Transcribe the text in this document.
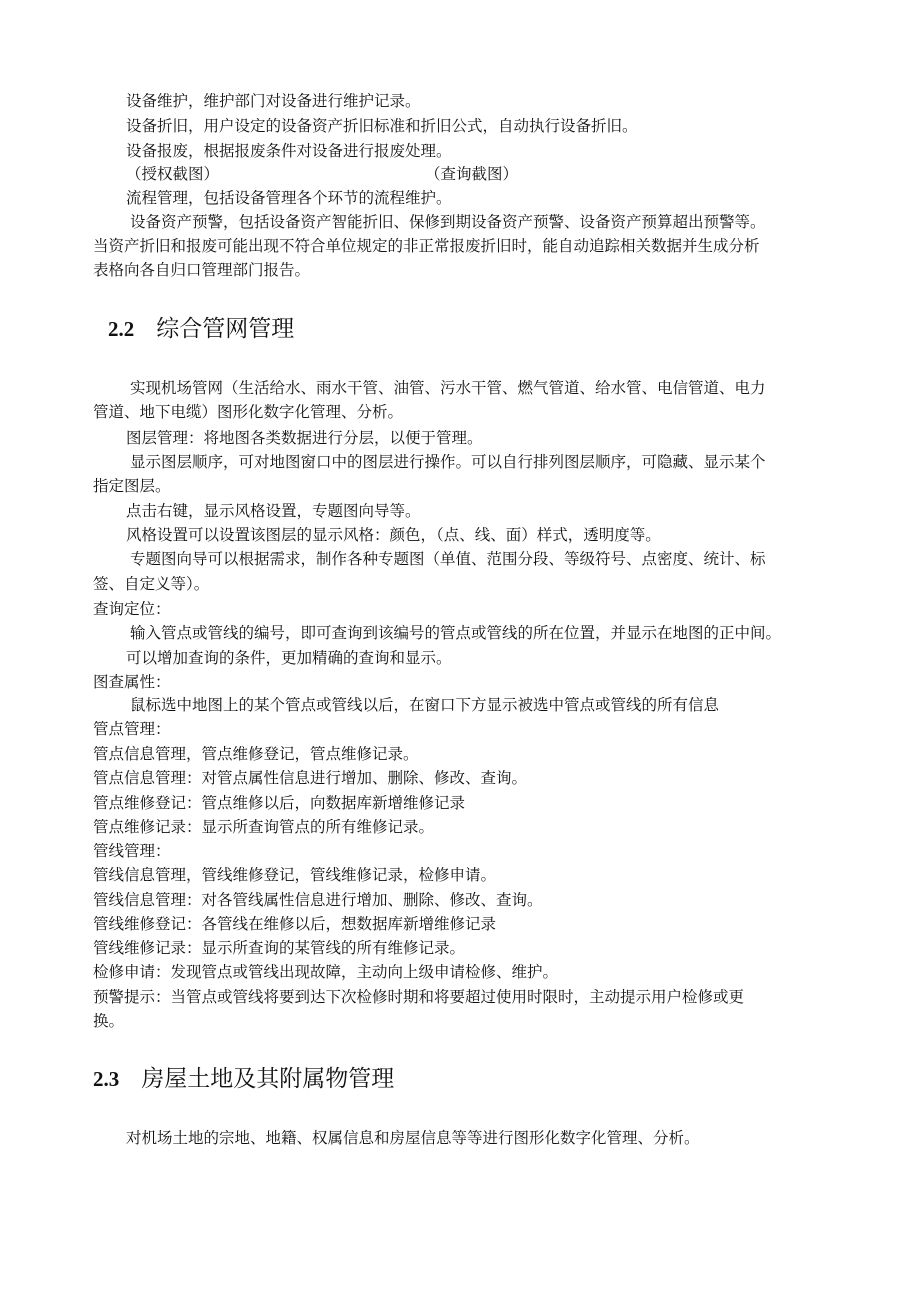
设备维护，维护部门对设备进行维护记录。

设备折旧，用户设定的设备资产折旧标准和折旧公式，自动执行设备折旧。

设备报废，根据报废条件对设备进行报废处理。

（授权截图）	（查询截图）

流程管理，包括设备管理各个环节的流程维护。

设备资产预警，包括设备资产智能折旧、保修到期设备资产预警、设备资产预算超出预警等。

当资产折旧和报废可能出现不符合单位规定的非正常报废折旧时，能自动追踪相关数据并生成分析

表格向各自归口管理部门报告。

2.2 综合管网管理

实现机场管网（生活给水、雨水干管、油管、污水干管、燃气管道、给水管、电信管道、电力

管道、地下电缆）图形化数字化管理、分析。

图层管理：将地图各类数据进行分层，以便于管理。

显示图层顺序，可对地图窗口中的图层进行操作。可以自行排列图层顺序，可隐藏、显示某个

指定图层。

点击右键，显示风格设置，专题图向导等。

风格设置可以设置该图层的显示风格：颜色，（点、线、面）样式，透明度等。

专题图向导可以根据需求，制作各种专题图（单值、范围分段、等级符号、点密度、统计、标

签、自定义等）。

查询定位：

输入管点或管线的编号，即可查询到该编号的管点或管线的所在位置，并显示在地图的正中间。

可以增加查询的条件，更加精确的查询和显示。

图查属性：

鼠标选中地图上的某个管点或管线以后，在窗口下方显示被选中管点或管线的所有信息

管点管理：

管点信息管理，管点维修登记，管点维修记录。

管点信息管理：对管点属性信息进行增加、删除、修改、查询。

管点维修登记：管点维修以后，向数据库新增维修记录

管点维修记录：显示所查询管点的所有维修记录。

管线管理：

管线信息管理，管线维修登记，管线维修记录，检修申请。

管线信息管理：对各管线属性信息进行增加、删除、修改、查询。

管线维修登记：各管线在维修以后，想数据库新增维修记录

管线维修记录：显示所查询的某管线的所有维修记录。

检修申请：发现管点或管线出现故障，主动向上级申请检修、维护。

预警提示：当管点或管线将要到达下次检修时期和将要超过使用时限时，主动提示用户检修或更

换。

2.3 房屋土地及其附属物管理

对机场土地的宗地、地籍、权属信息和房屋信息等等进行图形化数字化管理、分析。
